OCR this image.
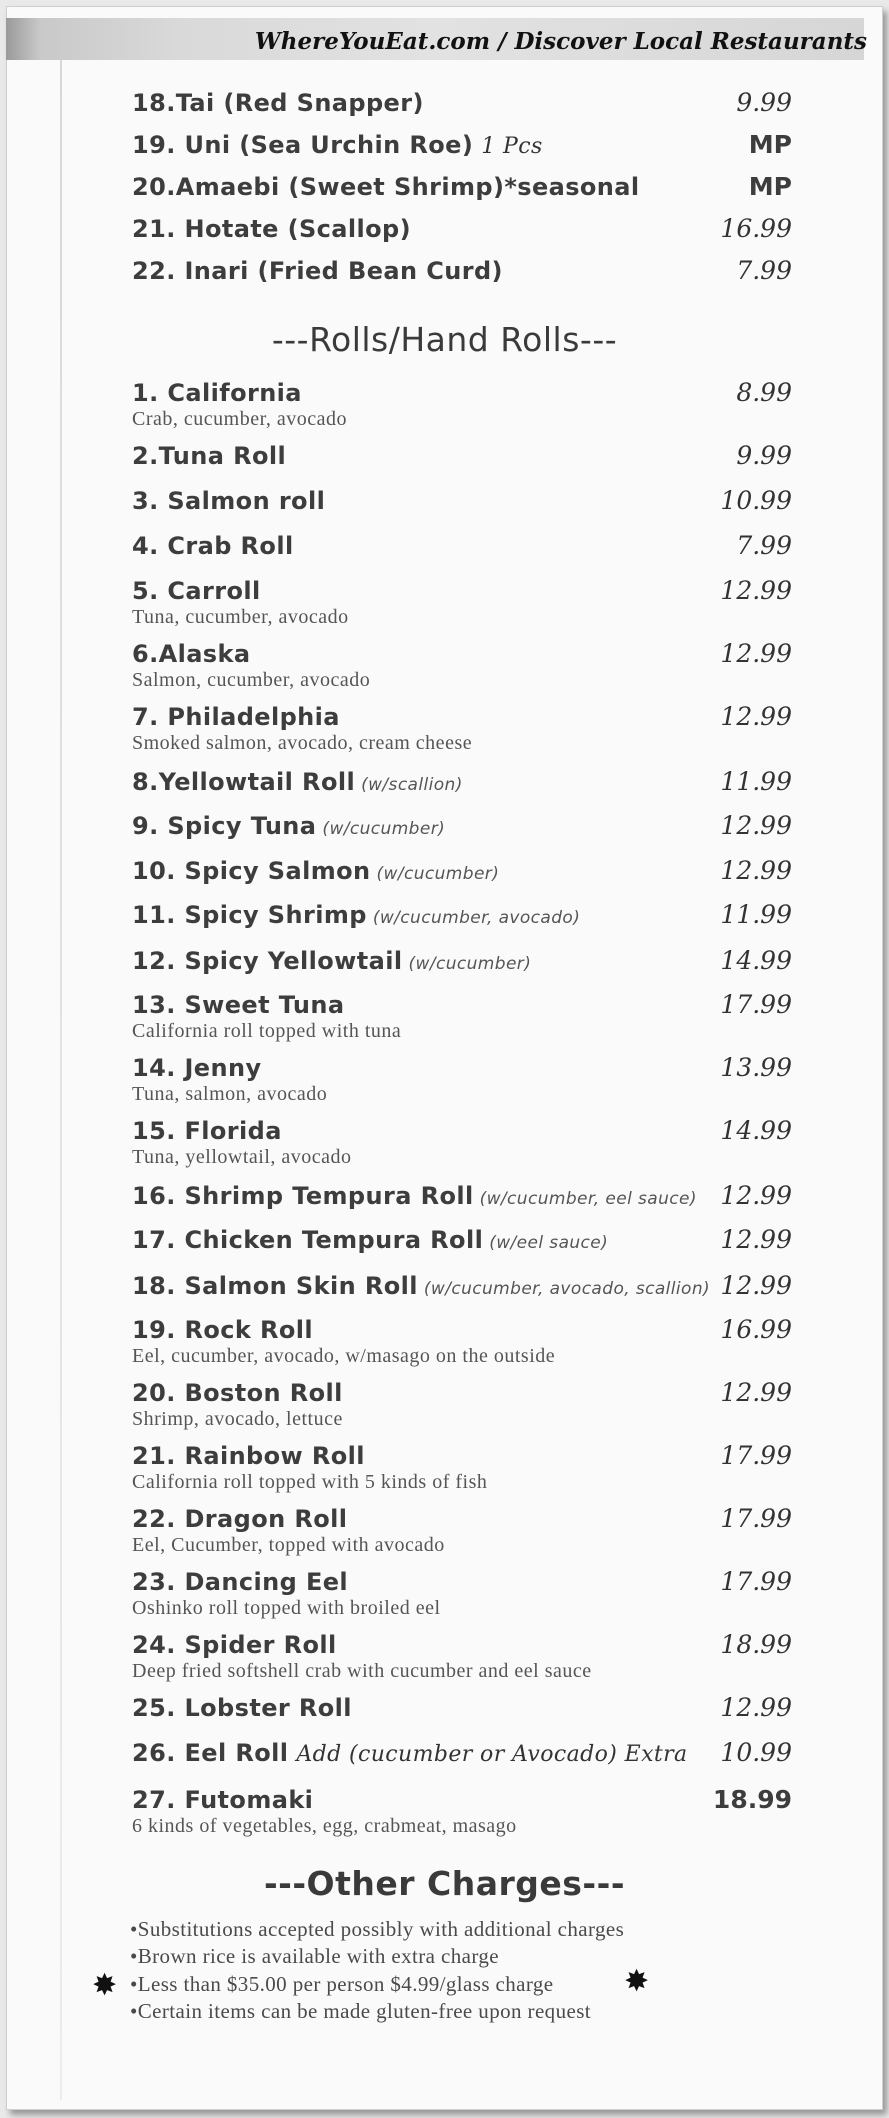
WhereYouEat.com / Discover Local Restaurants
18.Tai (Red Snapper)	9.99
19. Uni (Sea Urchin Roe) 1 Pcs	MP
20.Amaebi (Sweet Shrimp)*seasonal	MP
21. Hotate (Scallop)	16.99
22. Inari (Fried Bean Curd)	7.99
---Rolls/Hand Rolls---
1. California	8.99
Crab, cucumber, avocado
2.Tuna Roll	9.99
3. Salmon roll	10.99
4. Crab Roll	7.99
5. Carroll	12.99
Tuna, cucumber, avocado
6.Alaska	12.99
Salmon, cucumber, avocado
7. Philadelphia	12.99
Smoked salmon, avocado, cream cheese
8.Yellowtail Roll (w/scallion)	11.99
9. Spicy Tuna (w/cucumber)	12.99
10. Spicy Salmon (w/cucumber)	12.99
11. Spicy Shrimp (w/cucumber, avocado)	11.99
12. Spicy Yellowtail (w/cucumber)	14.99
13. Sweet Tuna	17.99
California roll topped with tuna
14. Jenny	13.99
Tuna, salmon, avocado
15. Florida	14.99
Tuna, yellowtail, avocado
16. Shrimp Tempura Roll (w/cucumber, eel sauce) 12.99
17. Chicken Tempura Roll (w/eel sauce)	12.99
18. Salmon Skin Roll (w/cucumber, avocado, scallion) 12.99
19. Rock Roll	16.99
Eel, cucumber, avocado, w/masago on the outside
20. Boston Roll	12.99
Shrimp, avocado, lettuce
21. Rainbow Roll	17.99
California roll topped with 5 kinds of fish
22. Dragon Roll	17.99
Eel, Cucumber, topped with avocado
23. Dancing Eel	17.99
Oshinko roll topped with broiled eel
24. Spider Roll	18.99
Deep fried softshell crab with cucumber and eel sauce
25. Lobster Roll	12.99
26. Eel Roll Add (cucumber or Avocado) Extra 10.99
27. Futomaki	18.99
6 kinds of vegetables, egg, crabmeat, masago
---Other Charges---
•Substitutions accepted possibly with additional charges
•Brown rice is available with extra charge
•Less than $35.00 per person $4.99/glass charge
•Certain items can be made gluten-free upon request
✸	✸
